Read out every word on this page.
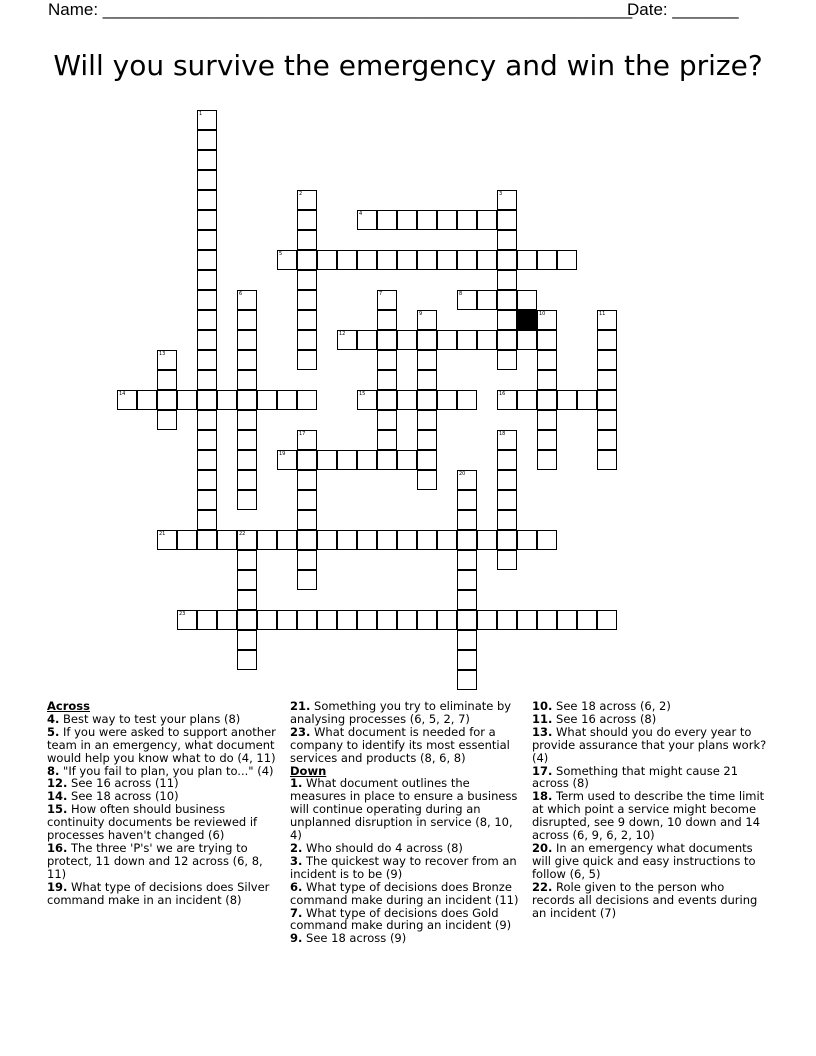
Name: ________________________________________________________
Date: _______
Will you survive the emergency and win the prize?
4
5
8
12
14	15	16
19
21
23
1
2	3
6	7
9	10	11
13
17	18
20
22

Across

4. Best way to test your plans (8)

5. If you were asked to support another team in an emergency, what document would help you know what to do (4, 11)

8. "If you fail to plan, you plan to..." (4)

12. See 16 across (11)

14. See 18 across (10)

15. How often should business continuity documents be reviewed if processes haven't changed (6)

16. The three 'P's' we are trying to protect, 11 down and 12 across (6, 8, 11)

19. What type of decisions does Silver command make in an incident (8)

21. Something you try to eliminate by analysing processes (6, 5, 2, 7)

23. What document is needed for a company to identify its most essential services and products (8, 6, 8)

Down

1. What document outlines the measures in place to ensure a business will continue operating during an unplanned disruption in service (8, 10, 4)

2. Who should do 4 across (8)

3. The quickest way to recover from an incident is to be (9)

6. What type of decisions does Bronze command make during an incident (11)

7. What type of decisions does Gold command make during an incident (9)

9. See 18 across (9)

10. See 18 across (6, 2)

11. See 16 across (8)

13. What should you do every year to provide assurance that your plans work? (4)

17. Something that might cause 21 across (8)

18. Term used to describe the time limit at which point a service might become disrupted, see 9 down, 10 down and 14 across (6, 9, 6, 2, 10)

20. In an emergency what documents will give quick and easy instructions to follow (6, 5)

22. Role given to the person who records all decisions and events during an incident (7)
